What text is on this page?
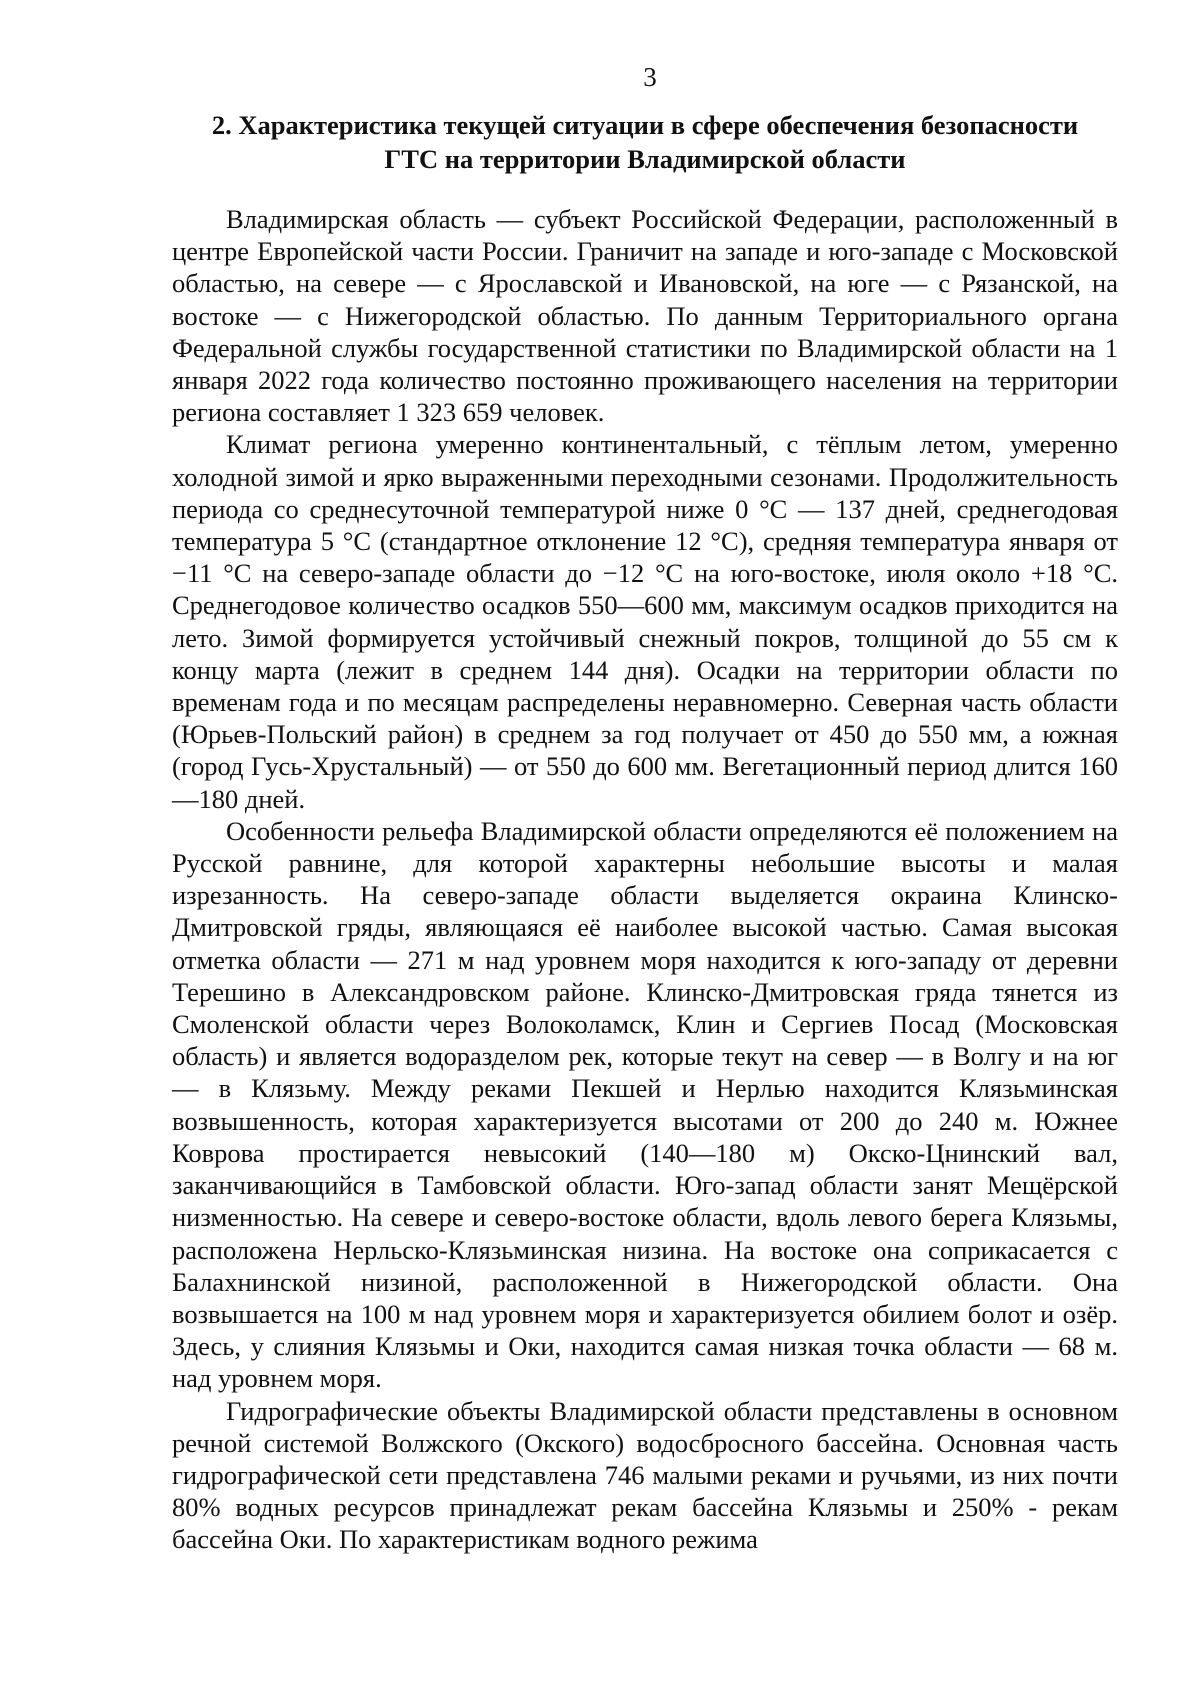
3
2. Характеристика текущей ситуации в сфере обеспечения безопасности
ГТС на территории Владимирской области

Владимирская область — субъект Российской Федерации, расположенный в центре Европейской части России. Граничит на западе и юго-западе с Московской областью, на севере — с Ярославской и Ивановской, на юге — с Рязанской, на востоке — с Нижегородской областью. По данным Территориального органа Федеральной службы государственной статистики по Владимирской области на 1 января 2022 года количество постоянно проживающего населения на территории региона составляет 1 323 659 человек.

Климат региона умеренно континентальный, с тёплым летом, умеренно холодной зимой и ярко выраженными переходными сезонами. Продолжительность периода со среднесуточной температурой ниже 0 °C — 137 дней, среднегодовая температура 5 °C (стандартное отклонение 12 °C), средняя температура января от −11 °C на северо-западе области до −12 °C на юго-востоке, июля около +18 °C. Среднегодовое количество осадков 550—600 мм, максимум осадков приходится на лето. Зимой формируется устойчивый снежный покров, толщиной до 55 см к концу марта (лежит в среднем 144 дня). Осадки на территории области по временам года и по месяцам распределены неравномерно. Северная часть области (Юрьев-Польский район) в среднем за год получает от 450 до 550 мм, а южная (город Гусь-Хрустальный) — от 550 до 600 мм. Вегетационный период длится 160—180 дней.

Особенности рельефа Владимирской области определяются её положением на Русской равнине, для которой характерны небольшие высоты и малая изрезанность. На северо-западе области выделяется окраина Клинско-Дмитровской гряды, являющаяся её наиболее высокой частью. Самая высокая отметка области — 271 м над уровнем моря находится к юго-западу от деревни Терешино в Александровском районе. Клинско-Дмитровская гряда тянется из Смоленской области через Волоколамск, Клин и Сергиев Посад (Московская область) и является водоразделом рек, которые текут на север — в Волгу и на юг — в Клязьму. Между реками Пекшей и Нерлью находится Клязьминская возвышенность, которая характеризуется высотами от 200 до 240 м. Южнее Коврова простирается невысокий (140—180 м) Окско-Цнинский вал, заканчивающийся в Тамбовской области. Юго-запад области занят Мещёрской низменностью. На севере и северо-востоке области, вдоль левого берега Клязьмы, расположена Нерльско-Клязьминская низина. На востоке она соприкасается с Балахнинской низиной, расположенной в Нижегородской области. Она возвышается на 100 м над уровнем моря и характеризуется обилием болот и озёр. Здесь, у слияния Клязьмы и Оки, находится самая низкая точка области — 68 м. над уровнем моря.

Гидрографические объекты Владимирской области представлены в основном речной системой Волжского (Окского) водосбросного бассейна. Основная часть гидрографической сети представлена 746 малыми реками и ручьями, из них почти 80% водных ресурсов принадлежат рекам бассейна Клязьмы и 250% - рекам бассейна Оки. По характеристикам водного режима
